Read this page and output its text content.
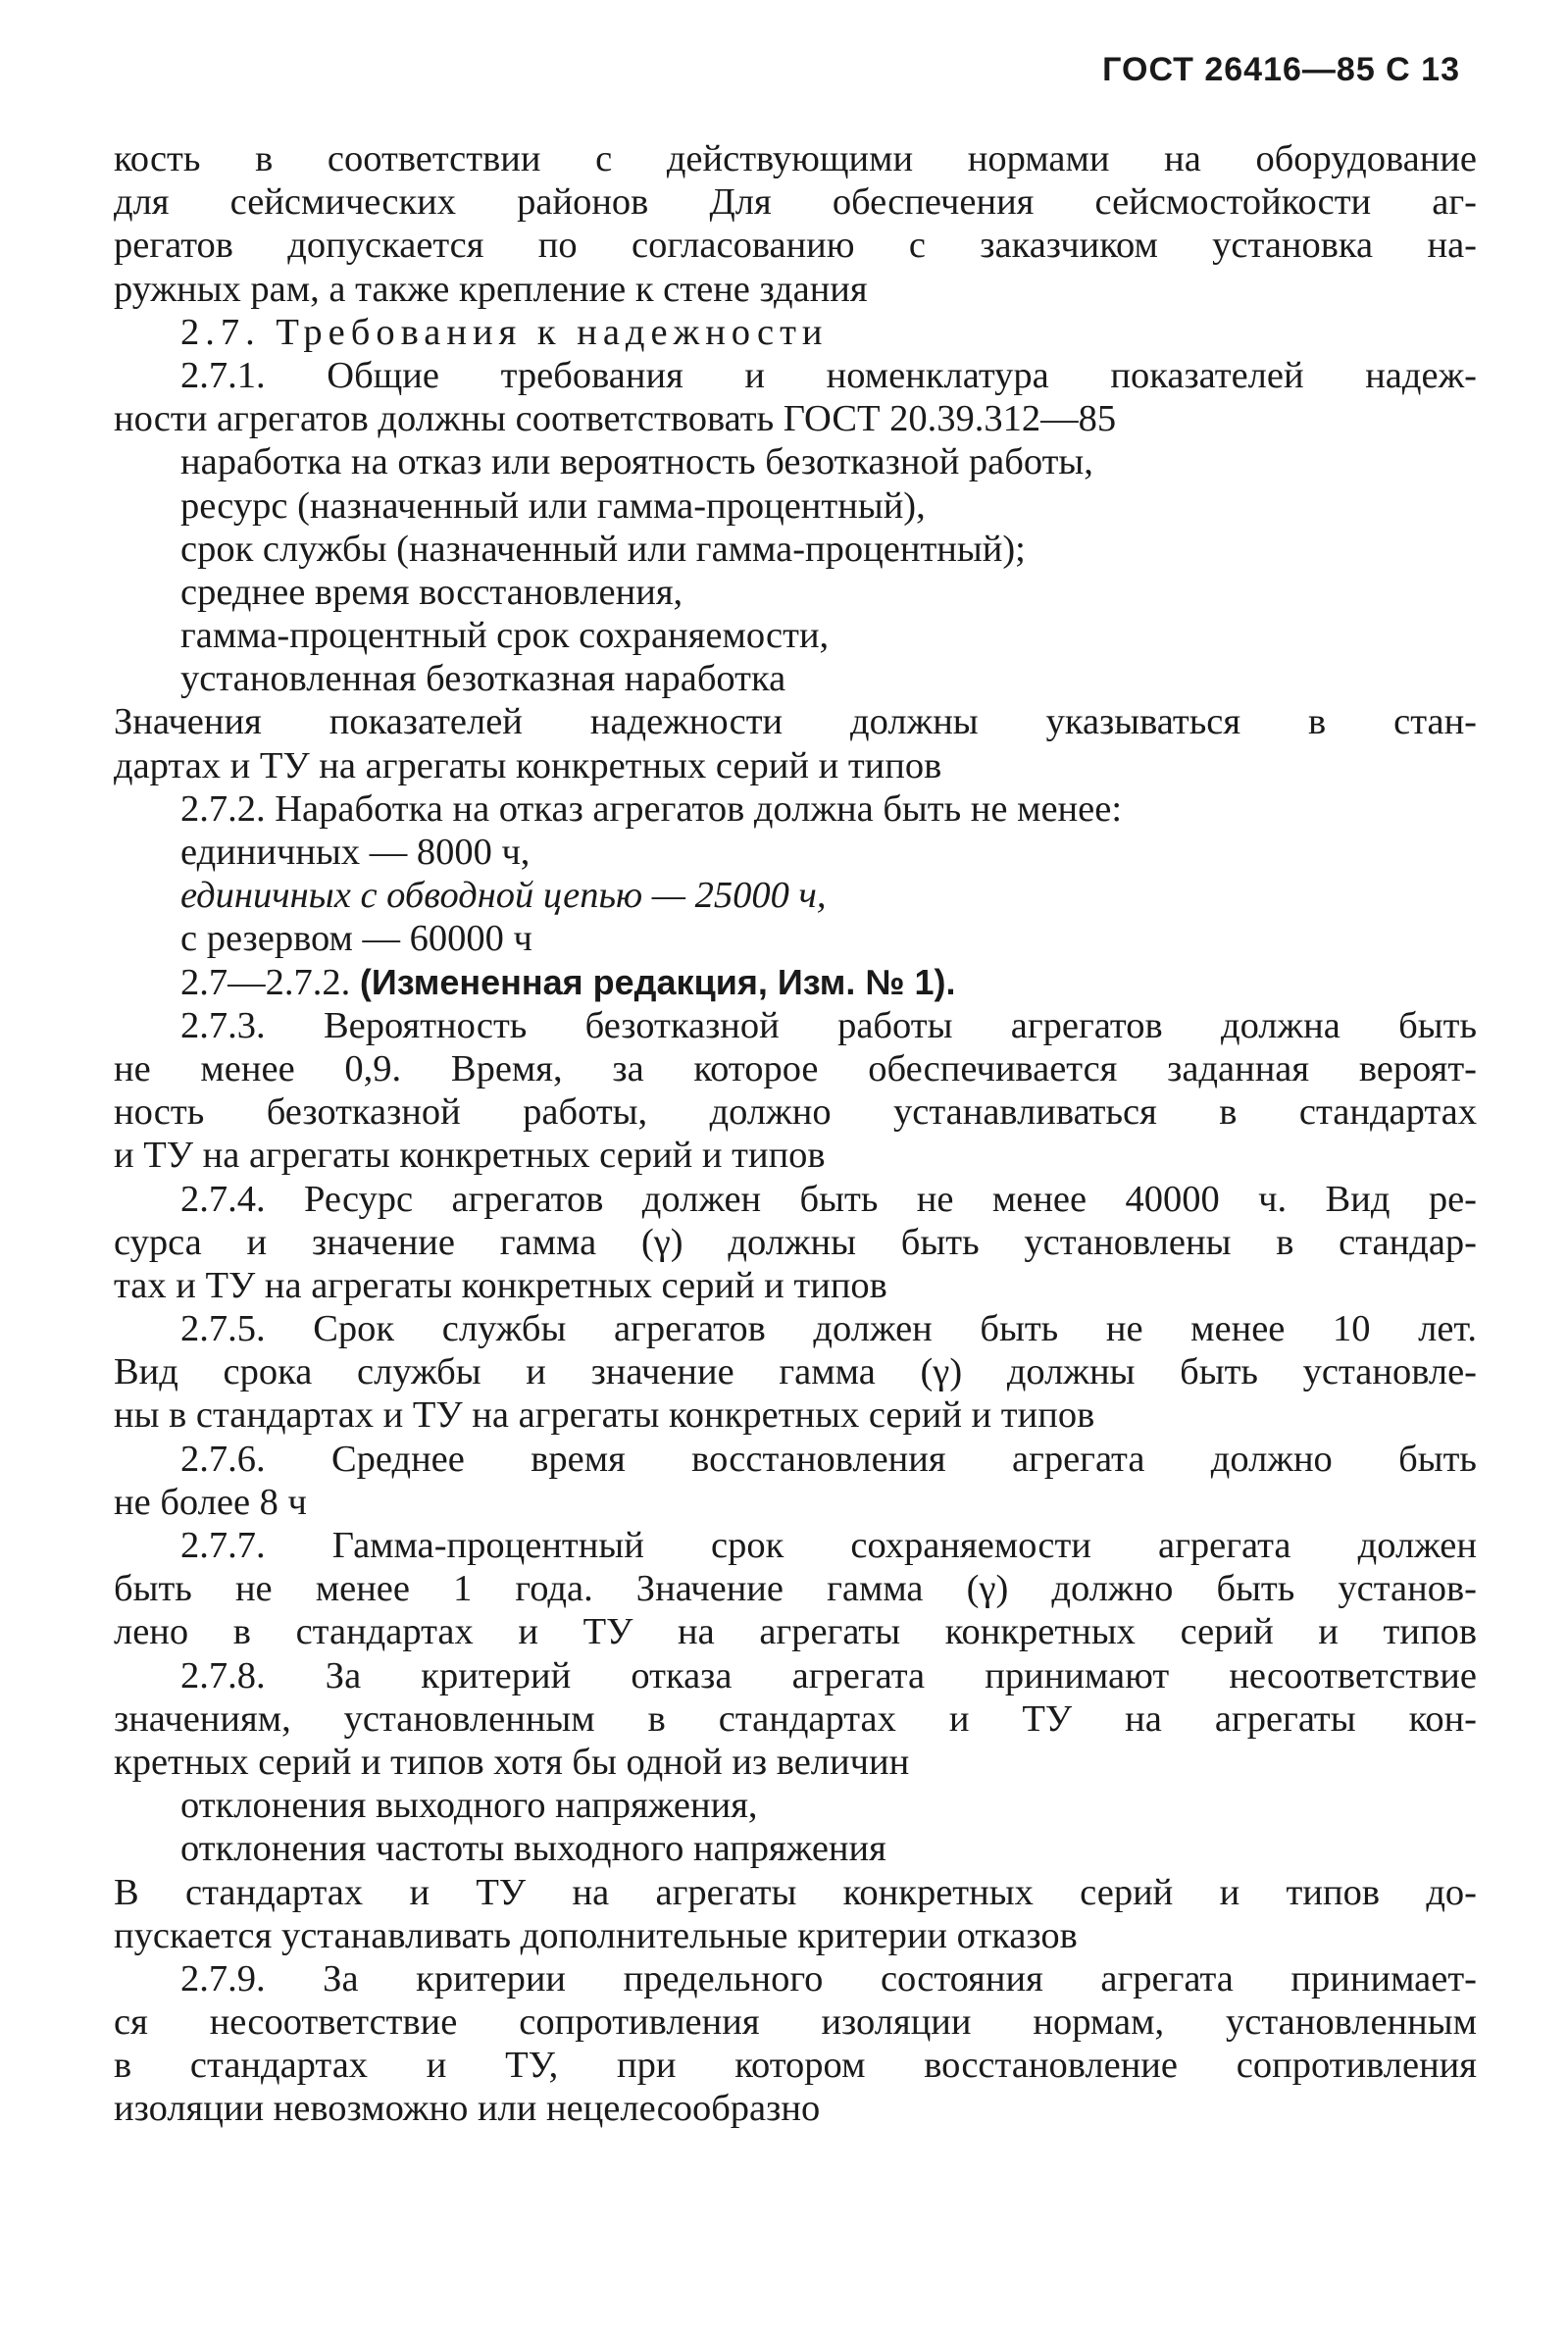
ГОСТ 26416—85 С 13
кость в соответствии с действующими нормами на оборудование
для сейсмических районов Для обеспечения сейсмостойкости аг-
регатов допускается по согласованию с заказчиком установка на-
ружных рам, а также крепление к стене здания
2.7. Требования к надежности
2.7.1. Общие требования и номенклатура показателей надеж-
ности агрегатов должны соответствовать ГОСТ 20.39.312—85
наработка на отказ или вероятность безотказной работы,
ресурс (назначенный или гамма-процентный),
срок службы (назначенный или гамма-процентный);
среднее время восстановления,
гамма-процентный срок сохраняемости,
установленная безотказная наработка
Значения показателей надежности должны указываться в стан-
дартах и ТУ на агрегаты конкретных серий и типов
2.7.2. Наработка на отказ агрегатов должна быть не менее:
единичных — 8000 ч,
единичных с обводной цепью — 25000 ч,
с резервом — 60000 ч
2.7—2.7.2. (Измененная редакция, Изм. № 1).
2.7.3. Вероятность безотказной работы агрегатов должна быть
не менее 0,9. Время, за которое обеспечивается заданная вероят-
ность безотказной работы, должно устанавливаться в стандартах
и ТУ на агрегаты конкретных серий и типов
2.7.4. Ресурс агрегатов должен быть не менее 40000 ч. Вид ре-
сурса и значение гамма (γ) должны быть установлены в стандар-
тах и ТУ на агрегаты конкретных серий и типов
2.7.5. Срок службы агрегатов должен быть не менее 10 лет.
Вид срока службы и значение гамма (γ) должны быть установле-
ны в стандартах и ТУ на агрегаты конкретных серий и типов
2.7.6. Среднее время восстановления агрегата должно быть
не более 8 ч
2.7.7. Гамма-процентный срок сохраняемости агрегата должен
быть не менее 1 года. Значение гамма (γ) должно быть установ-
лено в стандартах и ТУ на агрегаты конкретных серий и типов
2.7.8. За критерий отказа агрегата принимают несоответствие
значениям, установленным в стандартах и ТУ на агрегаты кон-
кретных серий и типов хотя бы одной из величин
отклонения выходного напряжения,
отклонения частоты выходного напряжения
В стандартах и ТУ на агрегаты конкретных серий и типов до-
пускается устанавливать дополнительные критерии отказов
2.7.9. За критерии предельного состояния агрегата принимает-
ся несоответствие сопротивления изоляции нормам, установленным
в стандартах и ТУ, при котором восстановление сопротивления
изоляции невозможно или нецелесообразно
